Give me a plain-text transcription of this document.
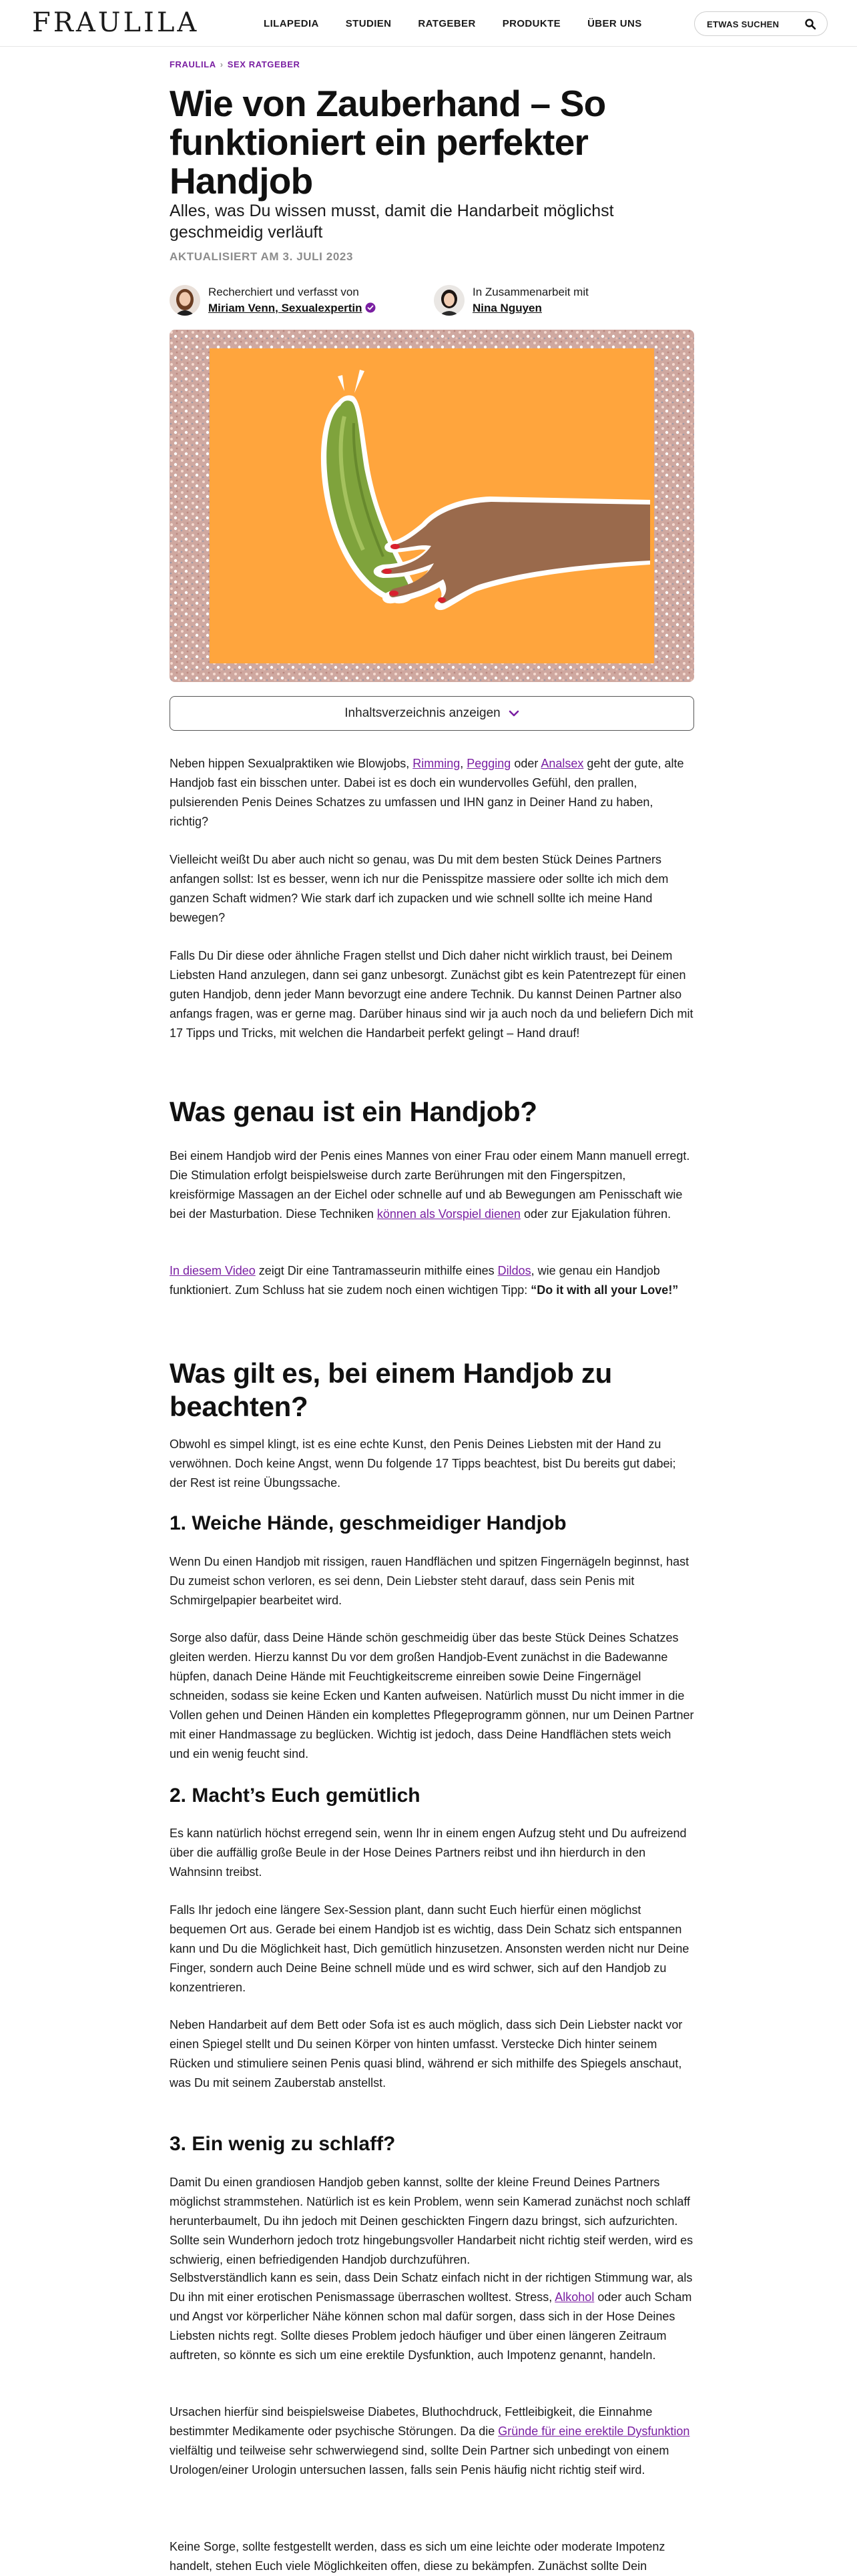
FRAULILA	LILAPEDIA	STUDIEN	RATGEBER	PRODUKTE	ÜBER UNS
ETWAS SUCHEN
FRAULILA › SEX RATGEBER
Wie von Zauberhand – So funktioniert ein perfekter Handjob

Alles, was Du wissen musst, damit die Handarbeit möglichst geschmeidig verläuft

AKTUALISIERT AM 3. JULI 2023
Recherchiert und verfasst von
Miriam Venn, Sexualexpertin
In Zusammenarbeit mit
Nina Nguyen
Inhaltsverzeichnis anzeigen

Neben hippen Sexualpraktiken wie Blowjobs, Rimming, Pegging oder Analsex geht der gute, alte Handjob fast ein bisschen unter. Dabei ist es doch ein wundervolles Gefühl, den prallen, pulsierenden Penis Deines Schatzes zu umfassen und IHN ganz in Deiner Hand zu haben, richtig?

Vielleicht weißt Du aber auch nicht so genau, was Du mit dem besten Stück Deines Partners anfangen sollst: Ist es besser, wenn ich nur die Penisspitze massiere oder sollte ich mich dem ganzen Schaft widmen? Wie stark darf ich zupacken und wie schnell sollte ich meine Hand bewegen?

Falls Du Dir diese oder ähnliche Fragen stellst und Dich daher nicht wirklich traust, bei Deinem Liebsten Hand anzulegen, dann sei ganz unbesorgt. Zunächst gibt es kein Patentrezept für einen guten Handjob, denn jeder Mann bevorzugt eine andere Technik. Du kannst Deinen Partner also anfangs fragen, was er gerne mag. Darüber hinaus sind wir ja auch noch da und beliefern Dich mit 17 Tipps und Tricks, mit welchen die Handarbeit perfekt gelingt – Hand drauf!

Was genau ist ein Handjob?

Bei einem Handjob wird der Penis eines Mannes von einer Frau oder einem Mann manuell erregt. Die Stimulation erfolgt beispielsweise durch zarte Berührungen mit den Fingerspitzen, kreisförmige Massagen an der Eichel oder schnelle auf und ab Bewegungen am Penisschaft wie bei der Masturbation. Diese Techniken können als Vorspiel dienen oder zur Ejakulation führen.

In diesem Video zeigt Dir eine Tantramasseurin mithilfe eines Dildos, wie genau ein Handjob funktioniert. Zum Schluss hat sie zudem noch einen wichtigen Tipp: “Do it with all your Love!”

Was gilt es, bei einem Handjob zu beachten?

Obwohl es simpel klingt, ist es eine echte Kunst, den Penis Deines Liebsten mit der Hand zu verwöhnen. Doch keine Angst, wenn Du folgende 17 Tipps beachtest, bist Du bereits gut dabei; der Rest ist reine Übungssache.

1. Weiche Hände, geschmeidiger Handjob

Wenn Du einen Handjob mit rissigen, rauen Handflächen und spitzen Fingernägeln beginnst, hast Du zumeist schon verloren, es sei denn, Dein Liebster steht darauf, dass sein Penis mit Schmirgelpapier bearbeitet wird.

Sorge also dafür, dass Deine Hände schön geschmeidig über das beste Stück Deines Schatzes gleiten werden. Hierzu kannst Du vor dem großen Handjob-Event zunächst in die Badewanne hüpfen, danach Deine Hände mit Feuchtigkeitscreme einreiben sowie Deine Fingernägel schneiden, sodass sie keine Ecken und Kanten aufweisen. Natürlich musst Du nicht immer in die Vollen gehen und Deinen Händen ein komplettes Pflegeprogramm gönnen, nur um Deinen Partner mit einer Handmassage zu beglücken. Wichtig ist jedoch, dass Deine Handflächen stets weich und ein wenig feucht sind.

2. Macht’s Euch gemütlich

Es kann natürlich höchst erregend sein, wenn Ihr in einem engen Aufzug steht und Du aufreizend über die auffällig große Beule in der Hose Deines Partners reibst und ihn hierdurch in den Wahnsinn treibst.

Falls Ihr jedoch eine längere Sex-Session plant, dann sucht Euch hierfür einen möglichst bequemen Ort aus. Gerade bei einem Handjob ist es wichtig, dass Dein Schatz sich entspannen kann und Du die Möglichkeit hast, Dich gemütlich hinzusetzen. Ansonsten werden nicht nur Deine Finger, sondern auch Deine Beine schnell müde und es wird schwer, sich auf den Handjob zu konzentrieren.

Neben Handarbeit auf dem Bett oder Sofa ist es auch möglich, dass sich Dein Liebster nackt vor einen Spiegel stellt und Du seinen Körper von hinten umfasst. Verstecke Dich hinter seinem Rücken und stimuliere seinen Penis quasi blind, während er sich mithilfe des Spiegels anschaut, was Du mit seinem Zauberstab anstellst.

3. Ein wenig zu schlaff?

Damit Du einen grandiosen Handjob geben kannst, sollte der kleine Freund Deines Partners möglichst strammstehen. Natürlich ist es kein Problem, wenn sein Kamerad zunächst noch schlaff herunterbaumelt, Du ihn jedoch mit Deinen geschickten Fingern dazu bringst, sich aufzurichten. Sollte sein Wunderhorn jedoch trotz hingebungsvoller Handarbeit nicht richtig steif werden, wird es schwierig, einen befriedigenden Handjob durchzuführen.

Selbstverständlich kann es sein, dass Dein Schatz einfach nicht in der richtigen Stimmung war, als Du ihn mit einer erotischen Penismassage überraschen wolltest. Stress, Alkohol oder auch Scham und Angst vor körperlicher Nähe können schon mal dafür sorgen, dass sich in der Hose Deines Liebsten nichts regt. Sollte dieses Problem jedoch häufiger und über einen längeren Zeitraum auftreten, so könnte es sich um eine erektile Dysfunktion, auch Impotenz genannt, handeln.

Ursachen hierfür sind beispielsweise Diabetes, Bluthochdruck, Fettleibigkeit, die Einnahme bestimmter Medikamente oder psychische Störungen. Da die Gründe für eine erektile Dysfunktion vielfältig und teilweise sehr schwerwiegend sind, sollte Dein Partner sich unbedingt von einem Urologen/einer Urologin untersuchen lassen, falls sein Penis häufig nicht richtig steif wird.

Keine Sorge, sollte festgestellt werden, dass es sich um eine leichte oder moderate Impotenz handelt, stehen Euch viele Möglichkeiten offen, diese zu bekämpfen. Zunächst sollte Dein
